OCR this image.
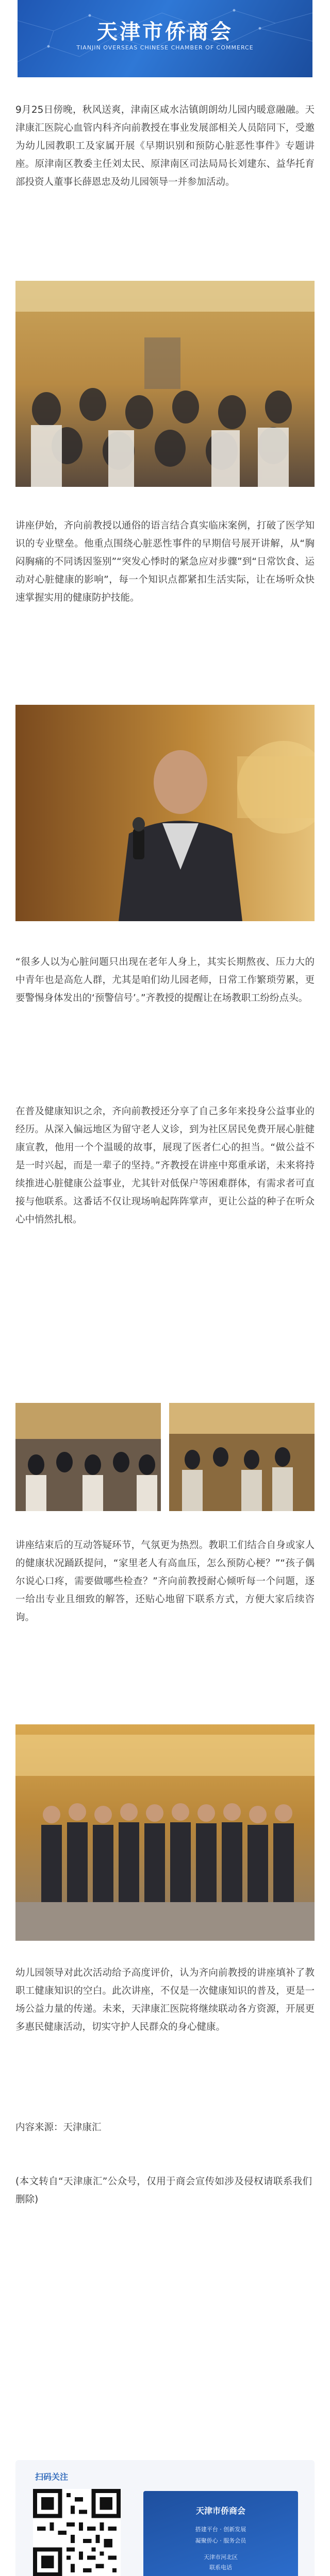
天津市侨商会
TIANJIN OVERSEAS CHINESE CHAMBER OF COMMERCE
9月25日傍晚，秋风送爽，津南区咸水沽镇朗朗幼儿园内暖意融融。天津康汇医院心血管内科齐向前教授在事业发展部相关人员陪同下，受邀为幼儿园教职工及家属开展《早期识别和预防心脏恶性事件》专题讲座。原津南区教委主任刘太民、原津南区司法局局长刘建东、益华托育部投资人董事长薛恩忠及幼儿园领导一并参加活动。
讲座伊始，齐向前教授以通俗的语言结合真实临床案例，打破了医学知识的专业壁垒。他重点围绕心脏恶性事件的早期信号展开讲解，从“胸闷胸痛的不同诱因鉴别”“突发心悸时的紧急应对步骤”到“日常饮食、运动对心脏健康的影响”，每一个知识点都紧扣生活实际，让在场听众快速掌握实用的健康防护技能。
“很多人以为心脏问题只出现在老年人身上，其实长期熬夜、压力大的中青年也是高危人群，尤其是咱们幼儿园老师，日常工作繁琐劳累，更要警惕身体发出的‘预警信号’。”齐教授的提醒让在场教职工纷纷点头。
在普及健康知识之余，齐向前教授还分享了自己多年来投身公益事业的经历。从深入偏远地区为留守老人义诊，到为社区居民免费开展心脏健康宣教，他用一个个温暖的故事，展现了医者仁心的担当。“做公益不是一时兴起，而是一辈子的坚持。”齐教授在讲座中郑重承诺，未来将持续推进心脏健康公益事业，尤其针对低保户等困难群体，有需求者可直接与他联系。这番话不仅让现场响起阵阵掌声，更让公益的种子在听众心中悄然扎根。
讲座结束后的互动答疑环节，气氛更为热烈。教职工们结合自身或家人的健康状况踊跃提问，“家里老人有高血压，怎么预防心梗？”“孩子偶尔说心口疼，需要做哪些检查？”齐向前教授耐心倾听每一个问题，逐一给出专业且细致的解答，还贴心地留下联系方式，方便大家后续咨询。
幼儿园领导对此次活动给予高度评价，认为齐向前教授的讲座填补了教职工健康知识的空白。此次讲座，不仅是一次健康知识的普及，更是一场公益力量的传递。未来，天津康汇医院将继续联动各方资源，开展更多惠民健康活动，切实守护人民群众的身心健康。
内容来源：天津康汇
(本文转自“天津康汇”公众号，仅用于商会宣传如涉及侵权请联系我们删除)
扫码关注
天津市侨商会
搭建平台 · 创新发展
凝聚侨心 · 服务会员
天津市河北区
联系电话
